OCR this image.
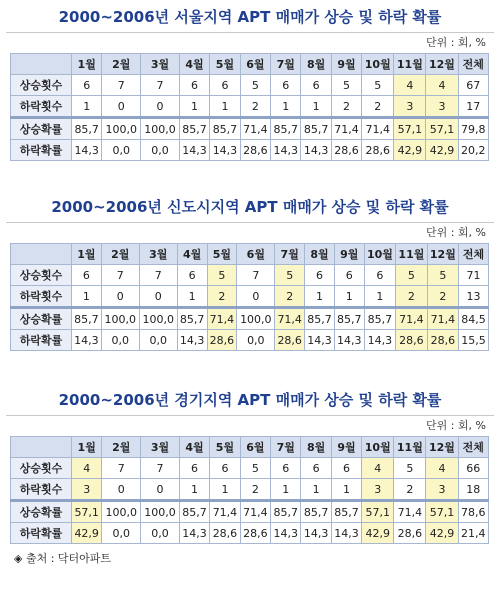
2000~2006년 서울지역 APT 매매가 상승 및 하락 확률
단위 : 회, %
	1월	2월	3월	4월	5월	6월	7월	8월	9월	10월	11월	12월	전체
상승횟수	6	7	7	6	6	5	6	6	5	5	4	4	67
하락횟수	1	0	0	1	1	2	1	1	2	2	3	3	17
상승확률	85,7	100,0	100,0	85,7	85,7	71,4	85,7	85,7	71,4	71,4	57,1	57,1	79,8
하락확률	14,3	0,0	0,0	14,3	14,3	28,6	14,3	14,3	28,6	28,6	42,9	42,9	20,2
2000~2006년 신도시지역 APT 매매가 상승 및 하락 확률
단위 : 회, %
	1월	2월	3월	4월	5월	6월	7월	8월	9월	10월	11월	12월	전체
상승횟수	6	7	7	6	5	7	5	6	6	6	5	5	71
하락횟수	1	0	0	1	2	0	2	1	1	1	2	2	13
상승확률	85,7	100,0	100,0	85,7	71,4	100,0	71,4	85,7	85,7	85,7	71,4	71,4	84,5
하락확률	14,3	0,0	0,0	14,3	28,6	0,0	28,6	14,3	14,3	14,3	28,6	28,6	15,5
2000~2006년 경기지역 APT 매매가 상승 및 하락 확률
단위 : 회, %
	1월	2월	3월	4월	5월	6월	7월	8월	9월	10월	11월	12월	전체
상승횟수	4	7	7	6	6	5	6	6	6	4	5	4	66
하락횟수	3	0	0	1	1	2	1	1	1	3	2	3	18
상승확률	57,1	100,0	100,0	85,7	71,4	71,4	85,7	85,7	85,7	57,1	71,4	57,1	78,6
하락확률	42,9	0,0	0,0	14,3	28,6	28,6	14,3	14,3	14,3	42,9	28,6	42,9	21,4
◈ 출처 : 닥터아파트
